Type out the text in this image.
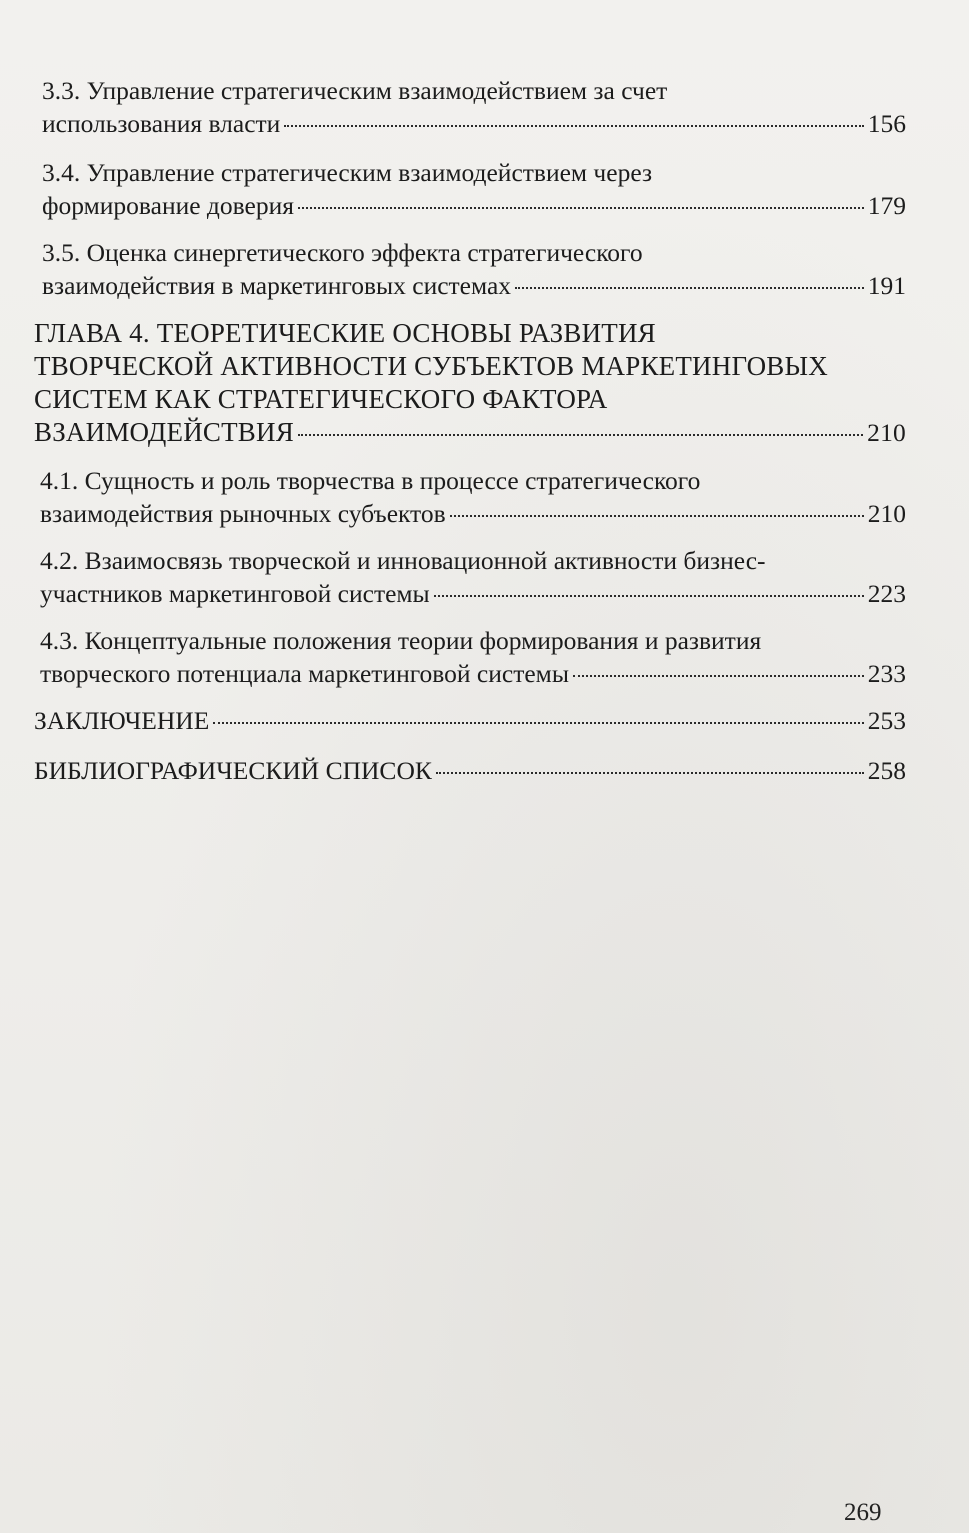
3.3. Управление стратегическим взаимодействием за счет

использования власти	156

3.4. Управление стратегическим взаимодействием через

формирование доверия	179

3.5. Оценка синергетического эффекта стратегического

взаимодействия в маркетинговых системах	191

ГЛАВА 4. ТЕОРЕТИЧЕСКИЕ ОСНОВЫ РАЗВИТИЯ

ТВОРЧЕСКОЙ АКТИВНОСТИ СУБЪЕКТОВ МАРКЕТИНГОВЫХ

СИСТЕМ КАК СТРАТЕГИЧЕСКОГО ФАКТОРА

ВЗАИМОДЕЙСТВИЯ	210

4.1. Сущность и роль творчества в процессе стратегического

взаимодействия рыночных субъектов	210

4.2. Взаимосвязь творческой и инновационной активности бизнес-

участников маркетинговой системы	223

4.3. Концептуальные положения теории формирования и развития

творческого потенциала маркетинговой системы	233
ЗАКЛЮЧЕНИЕ	253
БИБЛИОГРАФИЧЕСКИЙ СПИСОК	258
269
